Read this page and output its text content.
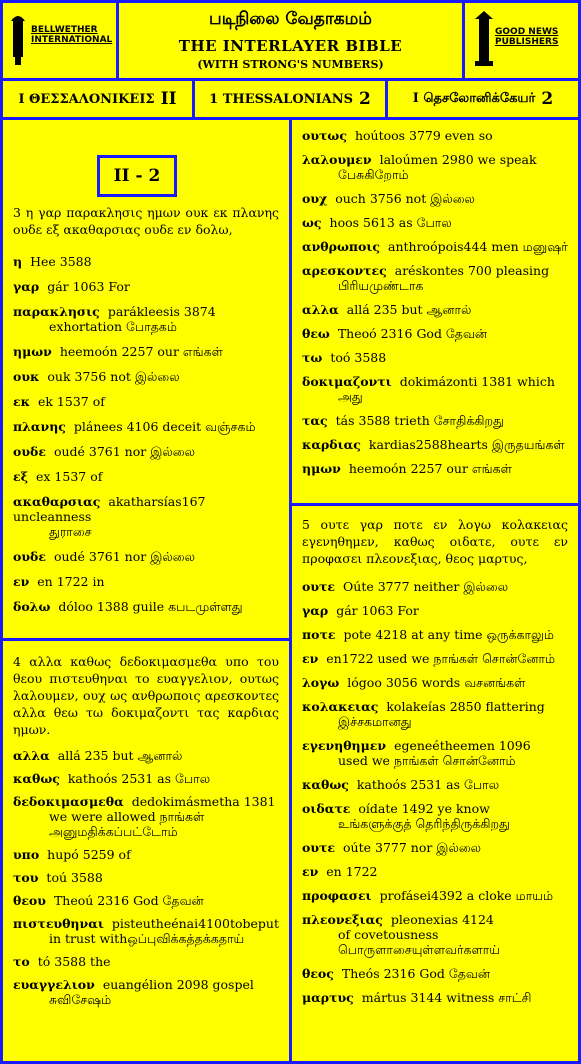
BELLWETHER
INTERNATIONAL
படிநிலை வேதாகமம்
THE INTERLAYER BIBLE
(WITH STRONG'S NUMBERS)
GOOD NEWS
PUBLISHERS
I ΘΕΣΣΑΛΟΝΙΚΕΙΣ II	1 THESSALONIANS 2	I தெசலோனிக்கேயர் 2
II - 2
3 η γαρ παρακλησις ημων ουκ εκ πλανης ουδε εξ ακαθαρσιας ουδε εν δολω,
η Hee 3588
γαρ gár 1063 For
παρακλησις parákleesis 3874
exhortation போதகம்
ημων heemoón 2257 our எங்கள்
ουκ ouk 3756 not இல்லை
εκ ek 1537 of
πλανης plánees 4106 deceit வஞ்சகம்
ουδε oudé 3761 nor இல்லை
εξ ex 1537 of
ακαθαρσιας akatharsías167 uncleanness
துராசை
ουδε oudé 3761 nor இல்லை
εν en 1722 in
δολω dóloo 1388 guile கபடமுள்ளது
4 αλλα καθως δεδοκιμασμεθα υπο του θεου πιστευθηναι το ευαγγελιον, ουτως λαλουμεν, ουχ ως ανθρωποις αρεσκοντες αλλα θεω τω δοκιμαζοντι τας καρδιας ημων.
αλλα allá 235 but ஆனால்
καθως kathoós 2531 as போல
δεδοκιμασμεθα dedokimásmetha 1381
we were allowed நாங்கள் அனுமதிக்கப்பட்டோம்
υπο hupó 5259 of
του toú 3588
θεου Theoú 2316 God தேவன்
πιστευθηναι pisteutheénai4100tobeput
in trust withஒப்புவிக்கத்தக்கதாய்
το tó 3588 the
ευαγγελιον euangélion 2098 gospel
சுவிசேஷம்
ουτως hoútoos 3779 even so
λαλουμεν laloúmen 2980 we speak
பேசுகிறோம்
ουχ ouch 3756 not இல்லை
ως hoos 5613 as போல
ανθρωποις anthroópois444 men மனுஷர்
αρεσκοντες aréskontes 700 pleasing
பிரியமுண்டாக
αλλα allá 235 but ஆனால்
θεω Theoó 2316 God தேவன்
τω toó 3588
δοκιμαζοντι dokimázonti 1381 which
அது
τας tás 3588 trieth சோதிக்கிறது
καρδιας kardias2588hearts இருதயங்கள்
ημων heemoón 2257 our எங்கள்
5 ουτε γαρ ποτε εν λογω κολακειας εγενηθημεν, καθως οιδατε, ουτε εν προφασει πλεονεξιας, θεος μαρτυς,
ουτε Oúte 3777 neither இல்லை
γαρ gár 1063 For
ποτε pote 4218 at any time ஒருக்காலும்
εν en1722 used we நாங்கள் சொன்னோம்
λογω lógoo 3056 words வசனங்கள்
κολακειας kolakeías 2850 flattering
இச்சகமானது
εγενηθημεν egeneétheemen 1096
used we நாங்கள் சொன்னோம்
καθως kathoós 2531 as போல
οιδατε oídate 1492 ye know
உங்களுக்குத் தெரிந்திருக்கிறது
ουτε oúte 3777 nor இல்லை
εν en 1722
προφασει profásei4392 a cloke மாயம்
πλεονεξιας pleonexias 4124
of covetousness பொருளாசையுள்ளவர்களாய்
θεος Theós 2316 God தேவன்
μαρτυς mártus 3144 witness சாட்சி
